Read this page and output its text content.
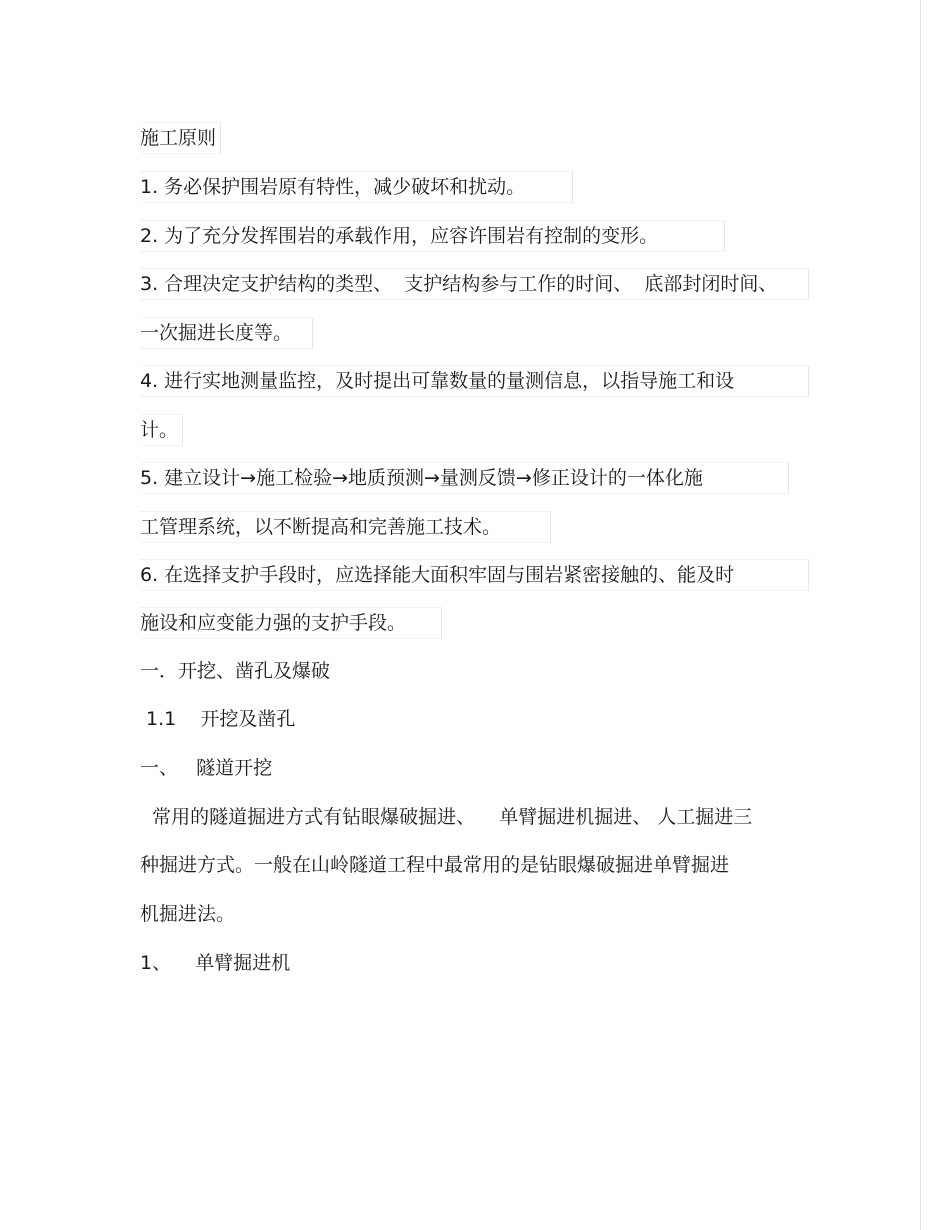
施工原则
1. 务必保护围岩原有特性，减少破坏和扰动。
2. 为了充分发挥围岩的承载作用，应容许围岩有控制的变形。
3. 合理决定支护结构的类型、  支护结构参与工作的时间、  底部封闭时间、
一次掘进长度等。
4. 进行实地测量监控，及时提出可靠数量的量测信息，以指导施工和设
计。
5. 建立设计→施工检验→地质预测→量测反馈→修正设计的一体化施
工管理系统，以不断提高和完善施工技术。
6. 在选择支护手段时，应选择能大面积牢固与围岩紧密接触的、能及时
施设和应变能力强的支护手段。
一．开挖、凿孔及爆破
1.1    开挖及凿孔
一、   隧道开挖
常用的隧道掘进方式有钻眼爆破掘进、    单臂掘进机掘进、 人工掘进三
种掘进方式。一般在山岭隧道工程中最常用的是钻眼爆破掘进单臂掘进
机掘进法。
1、    单臂掘进机
